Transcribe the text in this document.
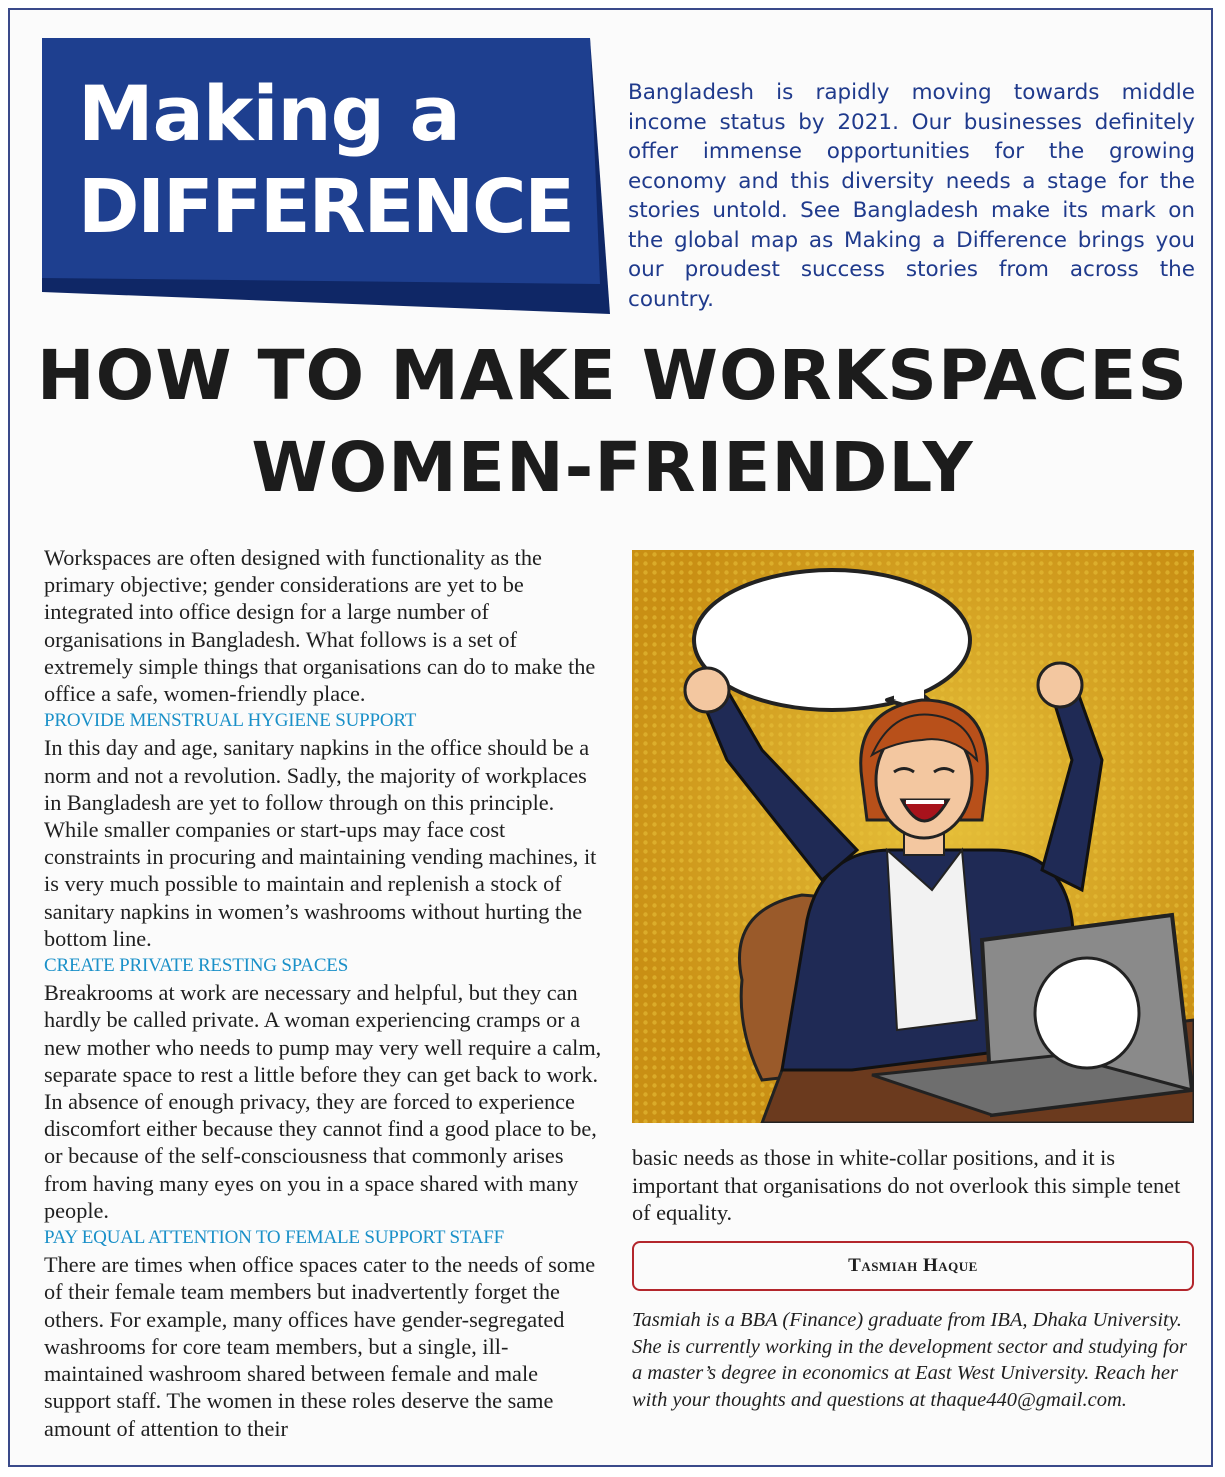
Making a
DIFFERENCE
Bangladesh is rapidly moving towards middle income status by 2021. Our businesses definitely offer immense opportunities for the growing economy and this diversity needs a stage for the stories untold. See Bangladesh make its mark on the global map as Making a Difference brings you our proudest success stories from across the country.
HOW TO MAKE WORKSPACES
WOMEN-FRIENDLY

Workspaces are often designed with functionality as the primary objective; gender considerations are yet to be integrated into office design for a large number of organisations in Bangladesh. What follows is a set of extremely simple things that organisations can do to make the office a safe, women-friendly place.

PROVIDE MENSTRUAL HYGIENE SUPPORT

In this day and age, sanitary napkins in the office should be a norm and not a revolution. Sadly, the majority of workplaces in Bangladesh are yet to follow through on this principle. While smaller companies or start-ups may face cost constraints in procuring and maintaining vending machines, it is very much possible to maintain and replenish a stock of sanitary napkins in women’s washrooms without hurting the bottom line.

CREATE PRIVATE RESTING SPACES

Breakrooms at work are necessary and helpful, but they can hardly be called private. A woman experiencing cramps or a new mother who needs to pump may very well require a calm, separate space to rest a little before they can get back to work. In absence of enough privacy, they are forced to experience discomfort either because they cannot find a good place to be, or because of the self-consciousness that commonly arises from having many eyes on you in a space shared with many people.

PAY EQUAL ATTENTION TO FEMALE SUPPORT STAFF

There are times when office spaces cater to the needs of some of their female team members but inadvertently forget the others. For example, many offices have gender-segregated washrooms for core team members, but a single, ill-maintained washroom shared between female and male support staff. The women in these roles deserve the same amount of attention to their

basic needs as those in white-collar positions, and it is important that organisations do not overlook this simple tenet of equality.
Tasmiah Haque
Tasmiah is a BBA (Finance) graduate from IBA, Dhaka University. She is currently working in the development sector and studying for a master’s degree in economics at East West University. Reach her with your thoughts and questions at thaque440@gmail.com.
